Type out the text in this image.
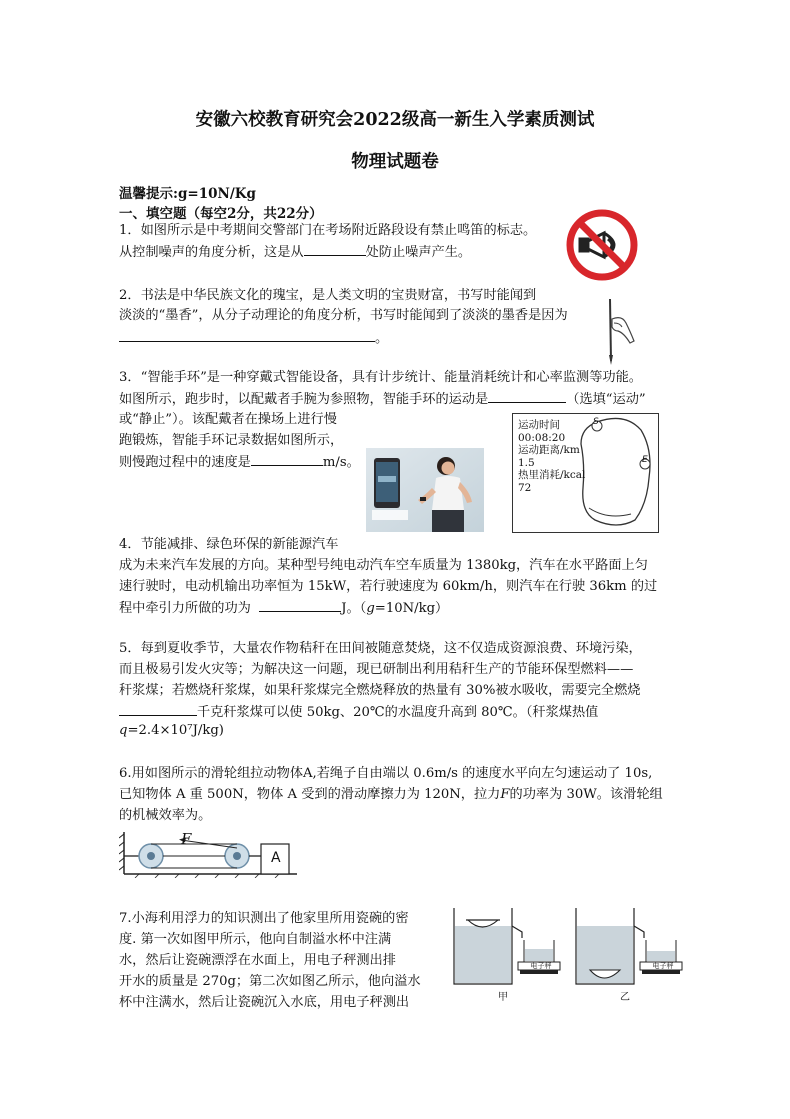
安徽六校教育研究会2022级高一新生入学素质测试
物理试题卷
温馨提示:g=10N/Kg
一、填空题（每空2分，共22分）
1．如图所示是中考期间交警部门在考场附近路段设有禁止鸣笛的标志。
从控制噪声的角度分析，这是从	处防止噪声产生。
2．书法是中华民族文化的瑰宝，是人类文明的宝贵财富，书写时能闻到
淡淡的“墨香”，从分子动理论的角度分析，书写时能闻到了淡淡的墨香是因为
。
3．“智能手环”是一种穿戴式智能设备，具有计步统计、能量消耗统计和心率监测等功能。
如图所示，跑步时，以配戴者手腕为参照物，智能手环的运动是	（选填“运动”
或“静止”）。该配戴者在操场上进行慢
跑锻炼，智能手环记录数据如图所示，
则慢跑过程中的速度是	m/s。
S
E
运动时间
00:08:20
运动距离/km
1.5
热里消耗/kcal
72
4．节能减排、绿色环保的新能源汽车
成为未来汽车发展的方向。某种型号纯电动汽车空车质量为 1380kg，汽车在水平路面上匀
速行驶时，电动机输出功率恒为 15kW，若行驶速度为 60km/h，则汽车在行驶 36km 的过
程中牵引力所做的功为	J。（g=10N/kg）
5．每到夏收季节，大量农作物秸秆在田间被随意焚烧，这不仅造成资源浪费、环境污染，
而且极易引发火灾等；为解决这一问题，现已研制出利用秸秆生产的节能环保型燃料——
秆浆煤；若燃烧秆浆煤，如果秆浆煤完全燃烧释放的热量有 30%被水吸收，需要完全燃烧
千克秆浆煤可以使 50kg、20℃的水温度升高到 80℃。（秆浆煤热值
q=2.4×10⁷J/kg)
6.用如图所示的滑轮组拉动物体A,若绳子自由端以 0.6m/s 的速度水平向左匀速运动了 10s,
已知物体 A 重 500N，物体 A 受到的滑动摩擦力为 120N，拉力F的功率为 30W。该滑轮组
的机械效率为。
F
A
7.小海利用浮力的知识测出了他家里所用瓷碗的密
度. 第一次如图甲所示，他向自制溢水杯中注满
水，然后让瓷碗漂浮在水面上，用电子秤测出排
开水的质量是 270g；第二次如图乙所示，他向溢水
杯中注满水，然后让瓷碗沉入水底，用电子秤测出
电子秤	电子秤
甲	乙
